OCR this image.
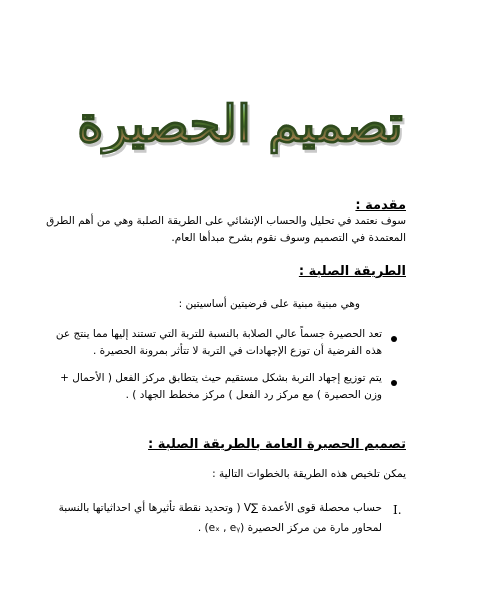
تصميم الحصيرة
مقدمة :
سوف نعتمد في تحليل والحساب الإنشائي على الطريقة الصلبة وهي من أهم الطرق
المعتمدة في التصميم وسوف نقوم بشرح مبدأها العام.
الطريقة الصلبة :
وهي مبنية مبنية على فرضيتين أساسيتين :
تعد الحصيرة جسماً عالي الصلابة بالنسبة للتربة التي تستند إليها مما ينتج عن
هذه الفرضية أن توزع الإجهادات في التربة لا تتأثر بمرونة الحصيرة .
يتم توزيع إجهاد التربة بشكل مستقيم حيث يتطابق مركز الفعل ( الأحمال +
وزن الحصيرة ) مع مركز رد الفعل ) مركز مخطط الجهاد ) .
تصميم الحصيرة العامة بالطريقة الصلبة :
يمكن تلخيص هذه الطريقة بالخطوات التالية :
I.
حساب محصلة قوى الأعمدة ∑V ( وتحديد نقطة تأثيرها أي احداثياتها بالنسبة
لمحاور مارة من مركز الحصيرة (eₓ , eᵧ) .
